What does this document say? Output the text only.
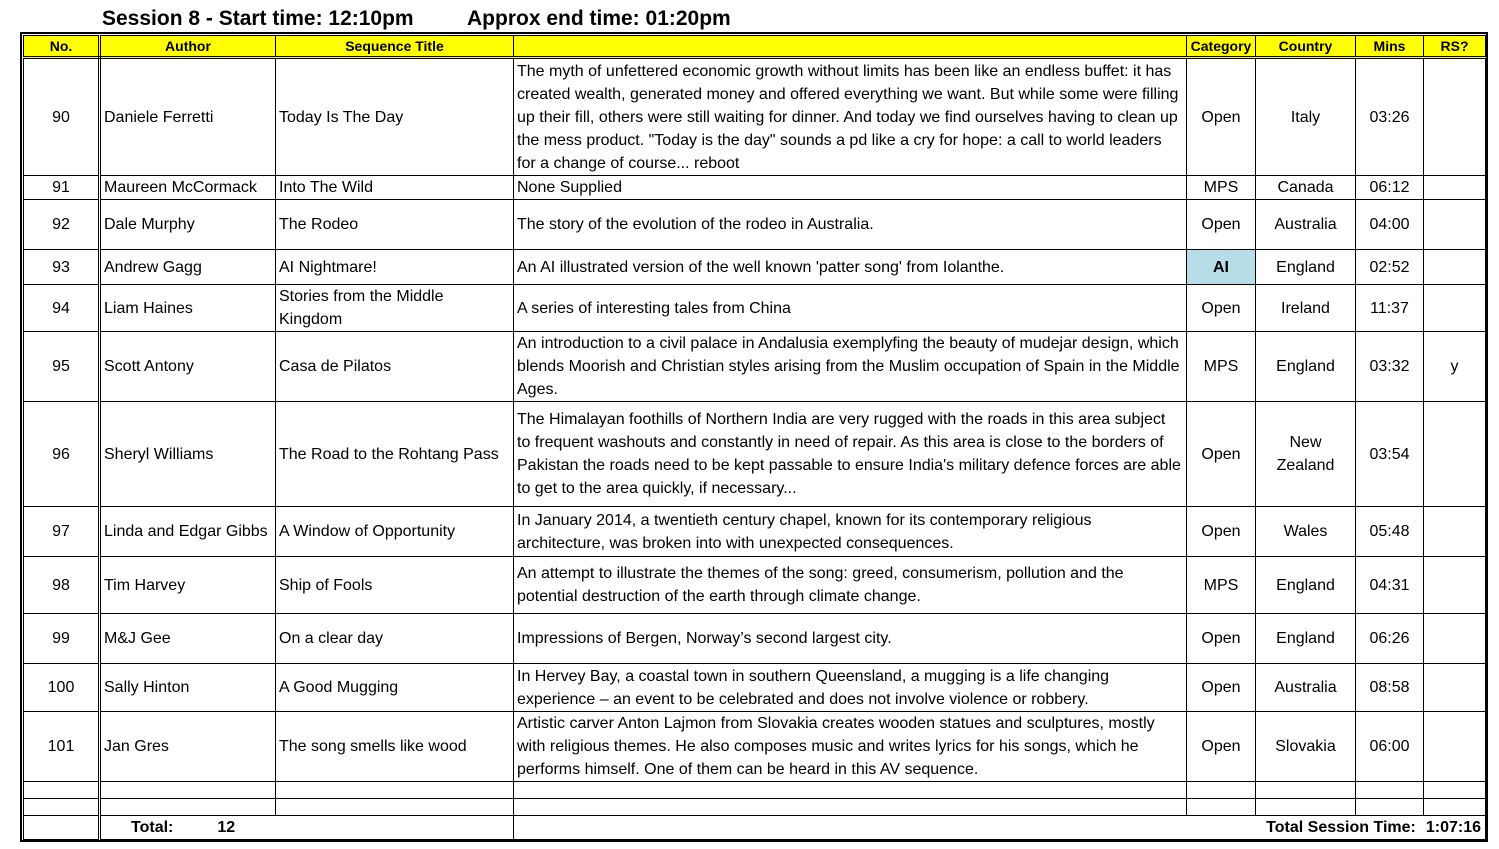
Session 8 - Start time: 12:10pm	Approx end time: 01:20pm
No.	Author	Sequence Title		Category	Country	Mins	RS?
90	Daniele Ferretti	Today Is The Day	The myth of unfettered economic growth without limits has been like an endless buffet: it has created wealth, generated money and offered everything we want. But while some were filling up their fill, others were still waiting for dinner. And today we find ourselves having to clean up the mess product. "Today is the day" sounds a pd like a cry for hope: a call to world leaders for a change of course... reboot	Open	Italy	03:26	
91	Maureen McCormack	Into The Wild	None Supplied	MPS	Canada	06:12	
92	Dale Murphy	The Rodeo	The story of the evolution of the rodeo in Australia.	Open	Australia	04:00	
93	Andrew Gagg	AI Nightmare!	An AI illustrated version of the well known 'patter song' from Iolanthe.	AI	England	02:52	
94	Liam Haines	Stories from the Middle Kingdom	A series of interesting tales from China	Open	Ireland	11:37	
95	Scott Antony	Casa de Pilatos	An introduction to a civil palace in Andalusia exemplyfing the beauty of mudejar design, which blends Moorish and Christian styles arising from the Muslim occupation of Spain in the Middle Ages.	MPS	England	03:32	y
96	Sheryl Williams	The Road to the Rohtang Pass	The Himalayan foothills of Northern India are very rugged with the roads in this area subject to frequent washouts and constantly in need of repair. As this area is close to the borders of Pakistan the roads need to be kept passable to ensure India's military defence forces are able to get to the area quickly, if necessary...	Open	New Zealand	03:54	
97	Linda and Edgar Gibbs	A Window of Opportunity	In January 2014, a twentieth century chapel, known for its contemporary religious architecture, was broken into with unexpected consequences.	Open	Wales	05:48	
98	Tim Harvey	Ship of Fools	An attempt to illustrate the themes of the song: greed, consumerism, pollution and the potential destruction of the earth through climate change.	MPS	England	04:31	
99	M&J Gee	On a clear day	Impressions of Bergen, Norway’s second largest city.	Open	England	06:26	
100	Sally Hinton	A Good Mugging	In Hervey Bay, a coastal town in southern Queensland, a mugging is a life changing experience – an event to be celebrated and does not involve violence or robbery.	Open	Australia	08:58	
101	Jan Gres	The song smells like wood	Artistic carver Anton Lajmon from Slovakia creates wooden statues and sculptures, mostly with religious themes. He also composes music and writes lyrics for his songs, which he performs himself. One of them can be heard in this AV sequence.	Open	Slovakia	06:00	

	Total: 12		Total Session Time: 1:07:16				
